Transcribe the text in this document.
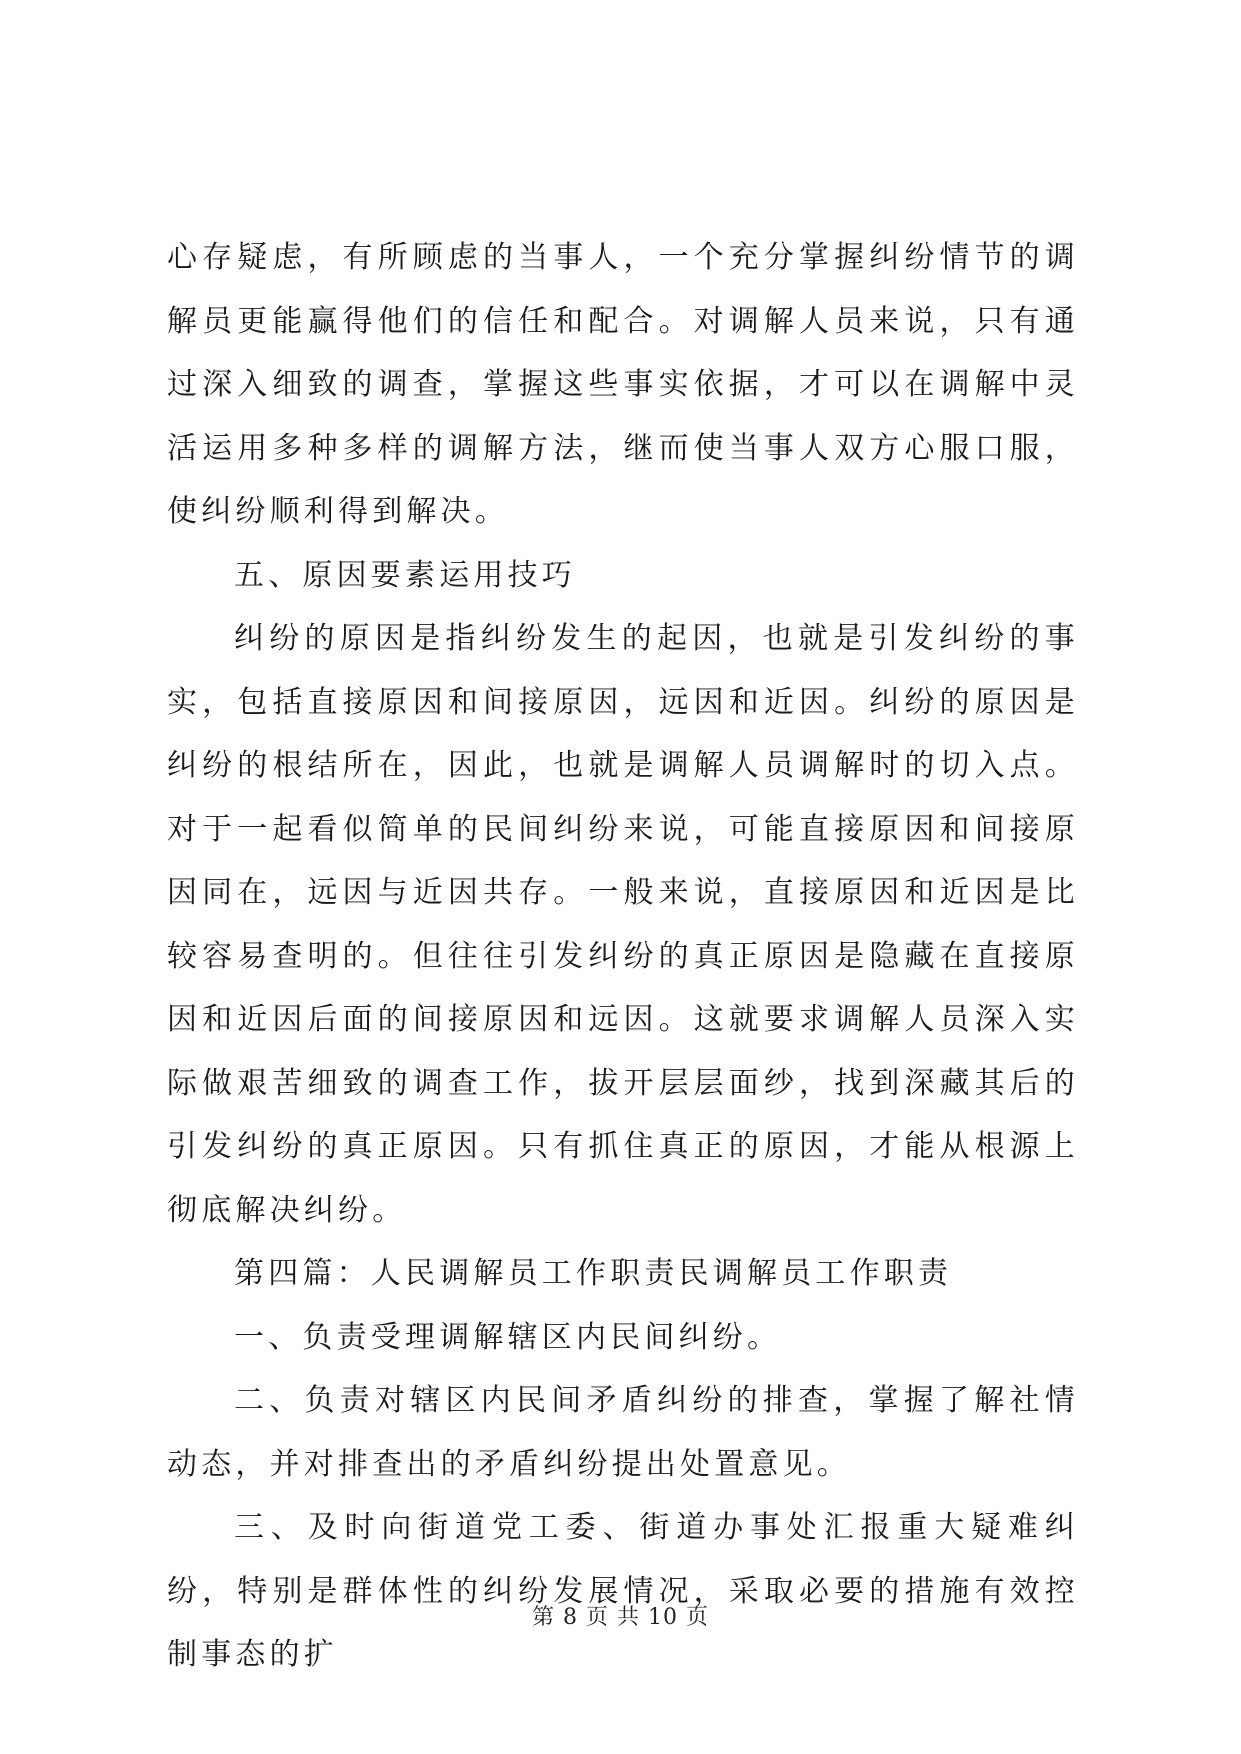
心存疑虑，有所顾虑的当事人，一个充分掌握纠纷情节的调解员更能赢得他们的信任和配合。对调解人员来说，只有通过深入细致的调查，掌握这些事实依据，才可以在调解中灵活运用多种多样的调解方法，继而使当事人双方心服口服，使纠纷顺利得到解决。

五、原因要素运用技巧

纠纷的原因是指纠纷发生的起因，也就是引发纠纷的事实，包括直接原因和间接原因，远因和近因。纠纷的原因是纠纷的根结所在，因此，也就是调解人员调解时的切入点。对于一起看似简单的民间纠纷来说，可能直接原因和间接原因同在，远因与近因共存。一般来说，直接原因和近因是比较容易查明的。但往往引发纠纷的真正原因是隐藏在直接原因和近因后面的间接原因和远因。这就要求调解人员深入实际做艰苦细致的调查工作，拔开层层面纱，找到深藏其后的引发纠纷的真正原因。只有抓住真正的原因，才能从根源上彻底解决纠纷。

第四篇：人民调解员工作职责民调解员工作职责

一、负责受理调解辖区内民间纠纷。

二、负责对辖区内民间矛盾纠纷的排查，掌握了解社情动态，并对排查出的矛盾纠纷提出处置意见。

三、及时向街道党工委、街道办事处汇报重大疑难纠纷，特别是群体性的纠纷发展情况，采取必要的措施有效控制事态的扩

第 8 页 共 10 页
